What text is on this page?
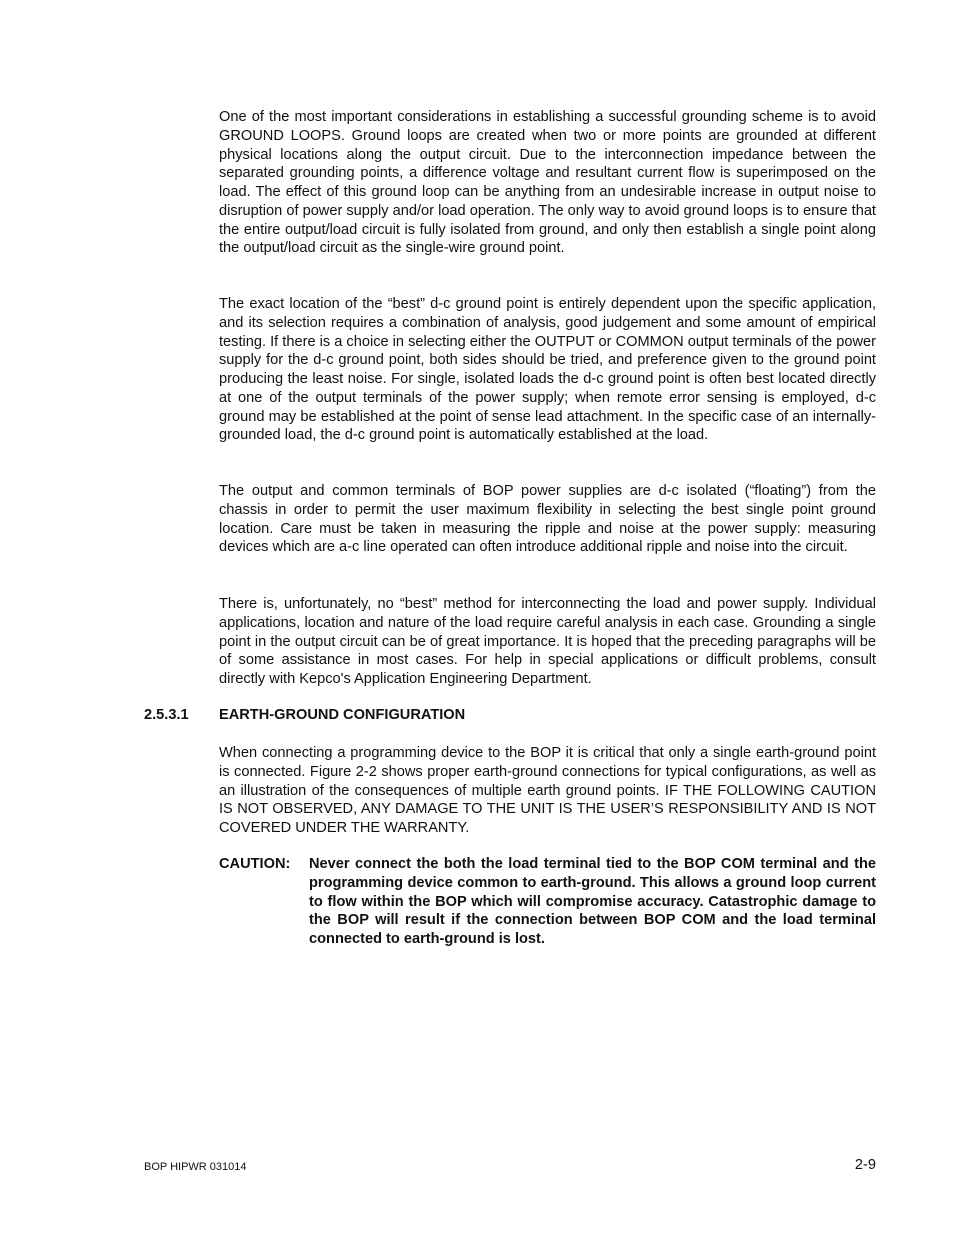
One of the most important considerations in establishing a successful grounding scheme is to avoid GROUND LOOPS. Ground loops are created when two or more points are grounded at different physical locations along the output circuit. Due to the interconnection impedance between the separated grounding points, a difference voltage and resultant current flow is superimposed on the load. The effect of this ground loop can be anything from an undesirable increase in output noise to disruption of power supply and/or load operation. The only way to avoid ground loops is to ensure that the entire output/load circuit is fully isolated from ground, and only then establish a single point along the output/load circuit as the single-wire ground point.

The exact location of the “best” d-c ground point is entirely dependent upon the specific application, and its selection requires a combination of analysis, good judgement and some amount of empirical testing. If there is a choice in selecting either the OUTPUT or COMMON output terminals of the power supply for the d-c ground point, both sides should be tried, and preference given to the ground point producing the least noise. For single, isolated loads the d-c ground point is often best located directly at one of the output terminals of the power supply; when remote error sensing is employed, d-c ground may be established at the point of sense lead attachment. In the specific case of an internally-grounded load, the d-c ground point is automatically established at the load.

The output and common terminals of BOP power supplies are d-c isolated (“floating”) from the chassis in order to permit the user maximum flexibility in selecting the best single point ground location. Care must be taken in measuring the ripple and noise at the power supply: measuring devices which are a-c line operated can often introduce additional ripple and noise into the circuit.

There is, unfortunately, no “best” method for interconnecting the load and power supply. Individual applications, location and nature of the load require careful analysis in each case. Grounding a single point in the output circuit can be of great importance. It is hoped that the preceding paragraphs will be of some assistance in most cases. For help in special applications or difficult problems, consult directly with Kepco's Application Engineering Department.

2.5.3.1 EARTH-GROUND CONFIGURATION

When connecting a programming device to the BOP it is critical that only a single earth-ground point is connected. Figure 2-2 shows proper earth-ground connections for typical configurations, as well as an illustration of the consequences of multiple earth ground points. IF THE FOLLOWING CAUTION IS NOT OBSERVED, ANY DAMAGE TO THE UNIT IS THE USER’S RESPONSIBILITY AND IS NOT COVERED UNDER THE WARRANTY.

CAUTION: Never connect the both the load terminal tied to the BOP COM terminal and the programming device common to earth-ground. This allows a ground loop current to flow within the BOP which will compromise accuracy. Catastrophic damage to the BOP will result if the connection between BOP COM and the load terminal connected to earth-ground is lost.

BOP HIPWR 031014	2-9
